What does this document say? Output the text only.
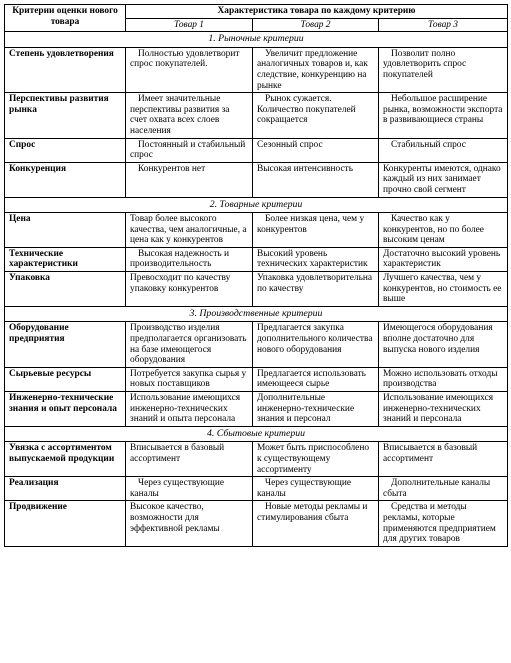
Критерии оценки нового товара	Характеристика товара по каждому критерию		
	Товар 1	Товар 2	Товар 3
1. Рыночные критерии			
Степень удовлетворения	Полностью удовлетворит спрос покупателей.	Увеличит предложение аналогичных товаров и, как следствие, конкуренцию на рынке	Позволит полно удовлетворить спрос покупателей
Перспективы развития рынка	Имеет значительные перспективы развития за счет охвата всех слоев населения	Рынок сужается. Количество покупателей сокращается	Небольшое расширение рынка, возможности экспорта в развивающиеся страны
Спрос	Постоянный и стабильный спрос	Сезонный спрос	Стабильный спрос
Конкуренция	Конкурентов нет	Высокая интенсивность	Конкуренты имеются, однако каждый из них занимает прочно свой сегмент
2. Товарные критерии			
Цена	Товар более высокого качества, чем аналогичные, а цена как у конкурентов	Более низкая цена, чем у конкурентов	Качество как у конкурентов, но по более высоким ценам
Технические характеристики	Высокая надежность и производительность	Высокий уровень технических характеристик	Достаточно высокий уровень характеристик
Упаковка	Превосходит по качеству упаковку конкурентов	Упаковка удовлетворительна по качеству	Лучшего качества, чем у конкурентов, но стоимость ее выше
3. Производственные критерии			
Оборудование предприятия	Производство изделия предполагается организовать на базе имеющегося оборудования	Предлагается закупка дополнительного количества нового оборудования	Имеющегося оборудования вполне достаточно для выпуска нового изделия
Сырьевые ресурсы	Потребуется закупка сырья у новых поставщиков	Предлагается использовать имеющееся сырье	Можно использовать отходы производства
Инженерно-технические знания и опыт персонала	Использование имеющихся инженерно-технических знаний и опыта персонала	Дополнительные инженерно-технические знания и персонал	Использование имеющихся инженерно-технических знаний и персонала
4. Сбытовые критерии			
Увязка с ассортиментом выпускаемой продукции	Вписывается в базовый ассортимент	Может быть приспособлено к существующему ассортименту	Вписывается в базовый ассортимент
Реализация	Через существующие каналы	Через существующие каналы	Дополнительные каналы сбыта
Продвижение	Высокое качество, возможности для эффективной рекламы	Новые методы рекламы и стимулирования сбыта	Средства и методы рекламы, которые применяются предприятием для других товаров
